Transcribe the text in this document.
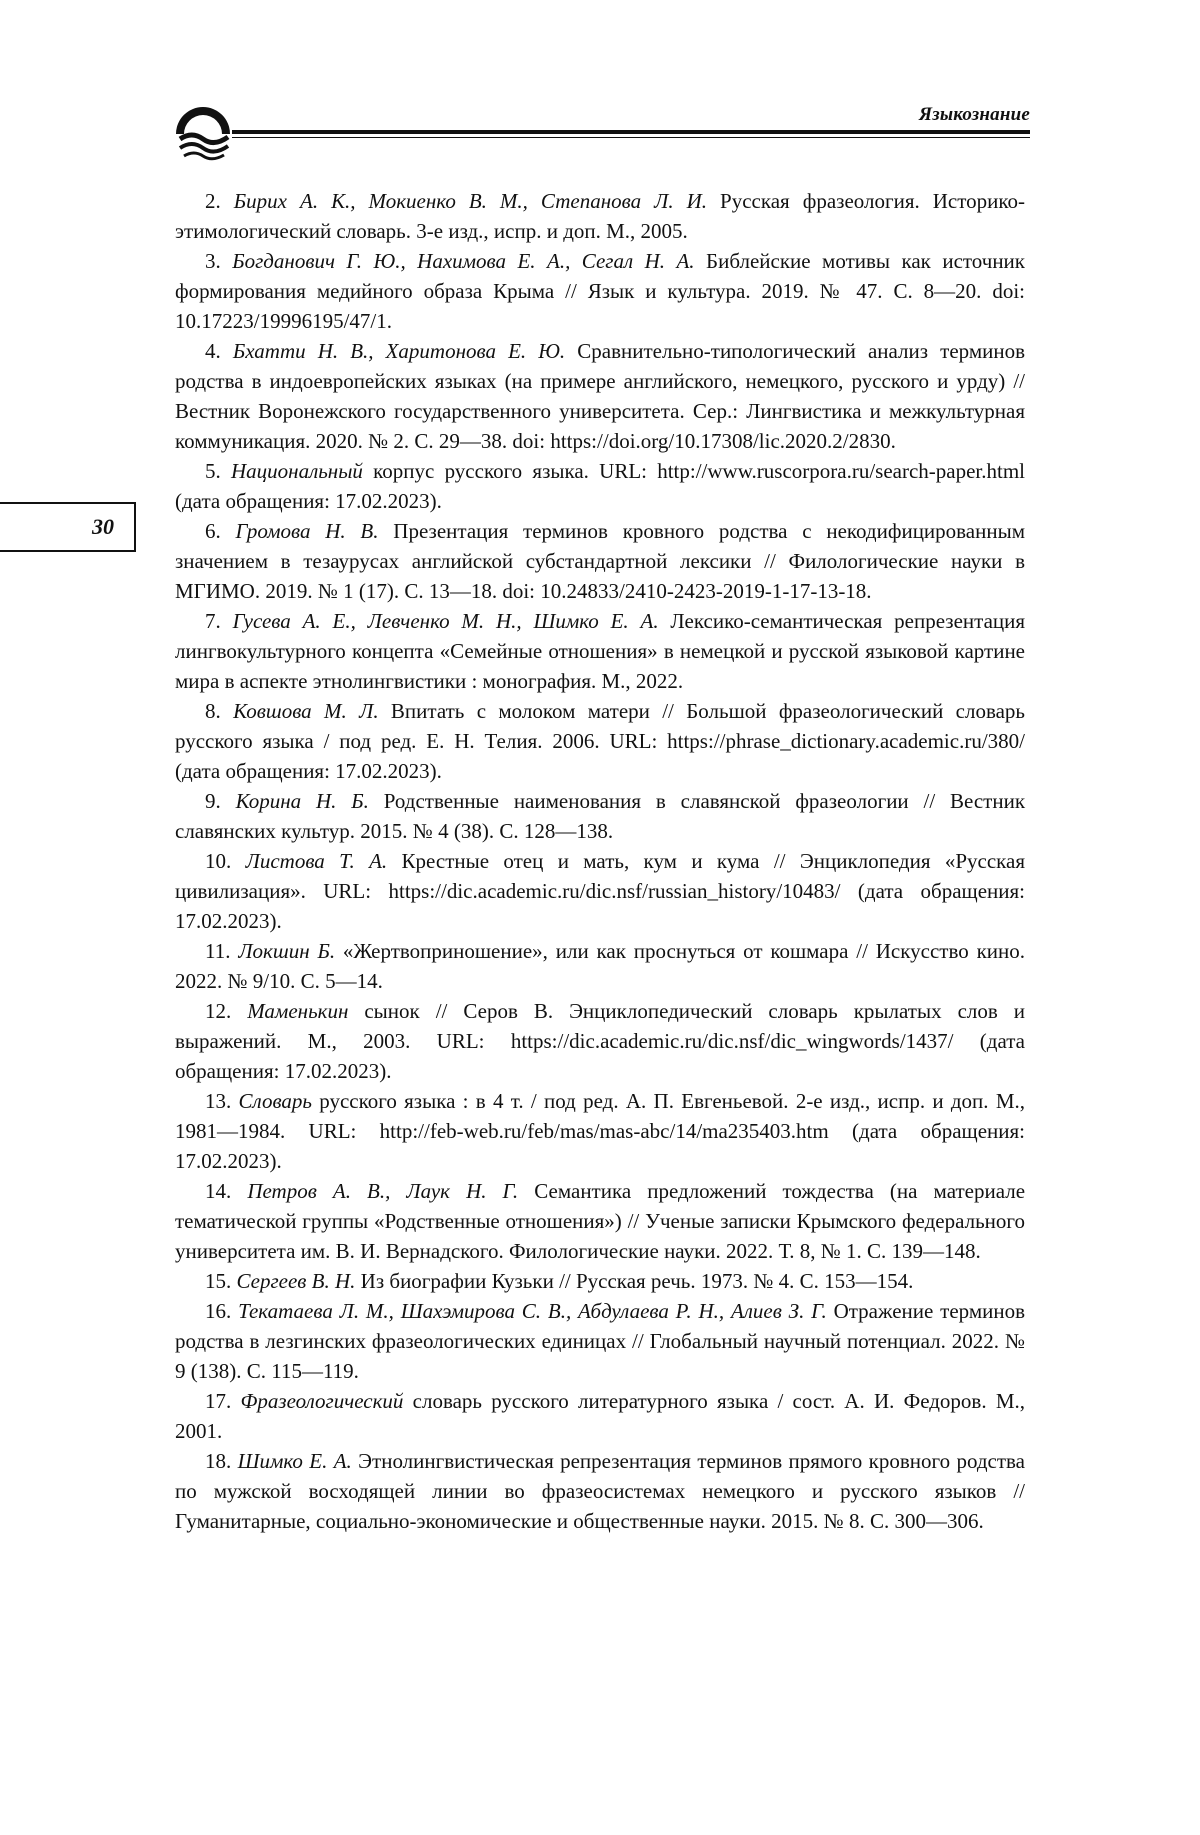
Языкознание
30

2. Бирих А. К., Мокиенко В. М., Степанова Л. И. Русская фразеология. Историко-этимологический словарь. 3-е изд., испр. и доп. М., 2005.

3. Богданович Г. Ю., Нахимова Е. А., Сегал Н. А. Библейские мотивы как источник формирования медийного образа Крыма // Язык и культура. 2019. № 47. С. 8—20. doi: 10.17223/19996195/47/1.

4. Бхатти Н. В., Харитонова Е. Ю. Сравнительно-типологический анализ терминов родства в индоевропейских языках (на примере английского, немецкого, русского и урду) // Вестник Воронежского государственного университета. Сер.: Лингвистика и межкультурная коммуникация. 2020. № 2. С. 29—38. doi: https://doi.org/10.17308/lic.2020.2/2830.

5. Национальный корпус русского языка. URL: http://www.ruscorpora.ru/search-paper.html (дата обращения: 17.02.2023).

6. Громова Н. В. Презентация терминов кровного родства с некодифицированным значением в тезаурусах английской субстандартной лексики // Филологические науки в МГИМО. 2019. № 1 (17). С. 13—18. doi: 10.24833/2410-2423-2019-1-17-13-18.

7. Гусева А. Е., Левченко М. Н., Шимко Е. А. Лексико-семантическая репрезентация лингвокультурного концепта «Семейные отношения» в немецкой и русской языковой картине мира в аспекте этнолингвистики : монография. М., 2022.

8. Ковшова М. Л. Впитать с молоком матери // Большой фразеологический словарь русского языка / под ред. Е. Н. Телия. 2006. URL: https://phrase_dictionary.academic.ru/380/ (дата обращения: 17.02.2023).

9. Корина Н. Б. Родственные наименования в славянской фразеологии // Вестник славянских культур. 2015. № 4 (38). С. 128—138.

10. Листова Т. А. Крестные отец и мать, кум и кума // Энциклопедия «Русская цивилизация». URL: https://dic.academic.ru/dic.nsf/russian_history/10483/ (дата обращения: 17.02.2023).

11. Локшин Б. «Жертвоприношение», или как проснуться от кошмара // Искусство кино. 2022. № 9/10. С. 5—14.

12. Маменькин сынок // Серов В. Энциклопедический словарь крылатых слов и выражений. М., 2003. URL: https://dic.academic.ru/dic.nsf/dic_wingwords/1437/ (дата обращения: 17.02.2023).

13. Словарь русского языка : в 4 т. / под ред. А. П. Евгеньевой. 2-е изд., испр. и доп. М., 1981—1984. URL: http://feb-web.ru/feb/mas/mas-abc/14/ma235403.htm (дата обращения: 17.02.2023).

14. Петров А. В., Лаук Н. Г. Семантика предложений тождества (на материале тематической группы «Родственные отношения») // Ученые записки Крымского федерального университета им. В. И. Вернадского. Филологические науки. 2022. Т. 8, № 1. С. 139—148.

15. Сергеев В. Н. Из биографии Кузьки // Русская речь. 1973. № 4. С. 153—154.

16. Текатаева Л. М., Шахэмирова С. В., Абдулаева Р. Н., Алиев З. Г. Отражение терминов родства в лезгинских фразеологических единицах // Глобальный научный потенциал. 2022. № 9 (138). С. 115—119.

17. Фразеологический словарь русского литературного языка / сост. А. И. Федоров. М., 2001.

18. Шимко Е. А. Этнолингвистическая репрезентация терминов прямого кровного родства по мужской восходящей линии во фразеосистемах немецкого и русского языков // Гуманитарные, социально-экономические и общественные науки. 2015. № 8. С. 300—306.
